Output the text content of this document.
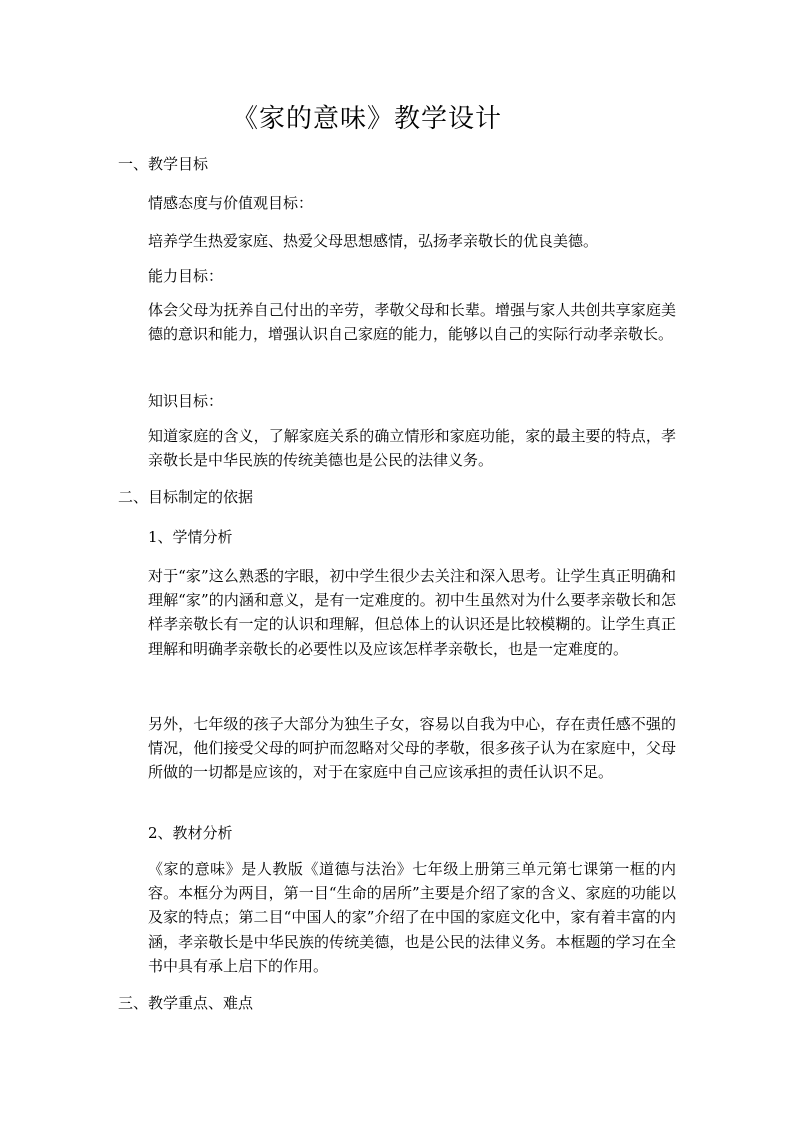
《家的意味》教学设计
一、教学目标
情感态度与价值观目标：
培养学生热爱家庭、热爱父母思想感情，弘扬孝亲敬长的优良美德。
能力目标：
体会父母为抚养自己付出的辛劳，孝敬父母和长辈。增强与家人共创共享家庭美德的意识和能力，增强认识自己家庭的能力，能够以自己的实际行动孝亲敬长。
知识目标：
知道家庭的含义，了解家庭关系的确立情形和家庭功能，家的最主要的特点，孝亲敬长是中华民族的传统美德也是公民的法律义务。
二、目标制定的依据
1、学情分析
对于“家”这么熟悉的字眼，初中学生很少去关注和深入思考。让学生真正明确和理解“家”的内涵和意义，是有一定难度的。初中生虽然对为什么要孝亲敬长和怎样孝亲敬长有一定的认识和理解，但总体上的认识还是比较模糊的。让学生真正理解和明确孝亲敬长的必要性以及应该怎样孝亲敬长，也是一定难度的。
另外，七年级的孩子大部分为独生子女，容易以自我为中心，存在责任感不强的情况，他们接受父母的呵护而忽略对父母的孝敬，很多孩子认为在家庭中，父母所做的一切都是应该的，对于在家庭中自己应该承担的责任认识不足。
2、教材分析
《家的意味》是人教版《道德与法治》七年级上册第三单元第七课第一框的内容。本框分为两目，第一目“生命的居所”主要是介绍了家的含义、家庭的功能以及家的特点；第二目“中国人的家”介绍了在中国的家庭文化中，家有着丰富的内涵，孝亲敬长是中华民族的传统美德，也是公民的法律义务。本框题的学习在全书中具有承上启下的作用。
三、教学重点、难点
